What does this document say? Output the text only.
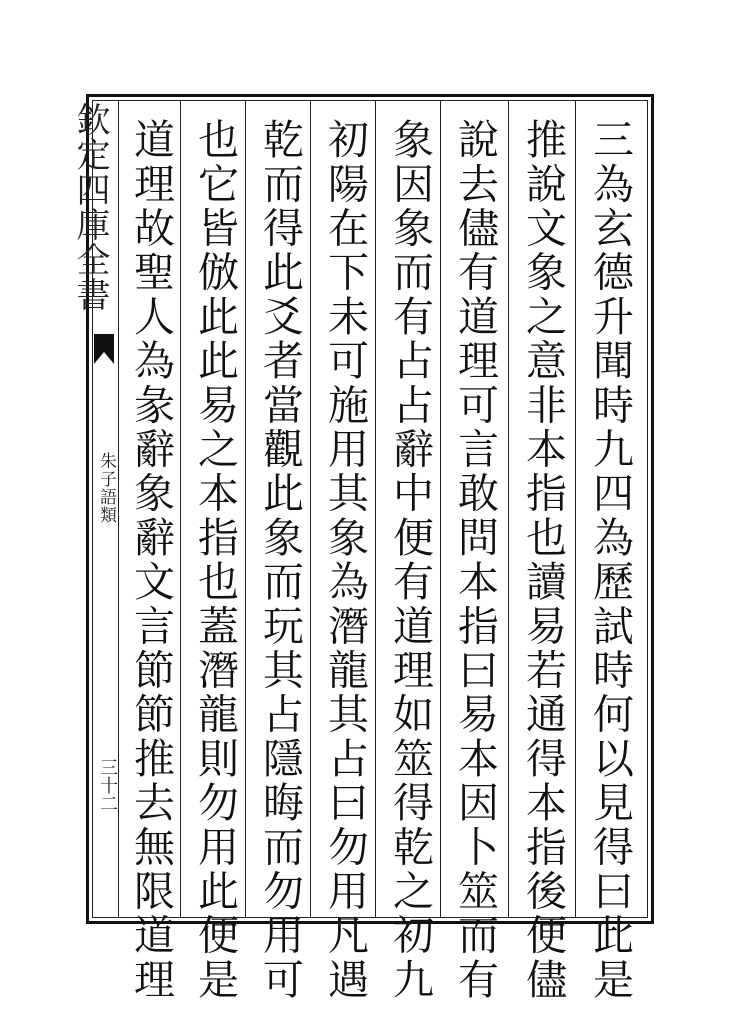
欽定四庫全書
朱子語類
三十二	三為玄德升聞時九四為歷試時何以見得曰此是
推說文象之意非本指也讀易若通得本指後便儘
說去儘有道理可言敢問本指曰易本因卜筮而有
象因象而有占占辭中便有道理如筮得乾之初九
初陽在下未可施用其象為潛龍其占曰勿用凡遇
乾而得此爻者當觀此象而玩其占隱晦而勿用可
也它皆倣此此易之本指也蓋潛龍則勿用此便是
道理故聖人為彖辭象辭文言節節推去無限道理
